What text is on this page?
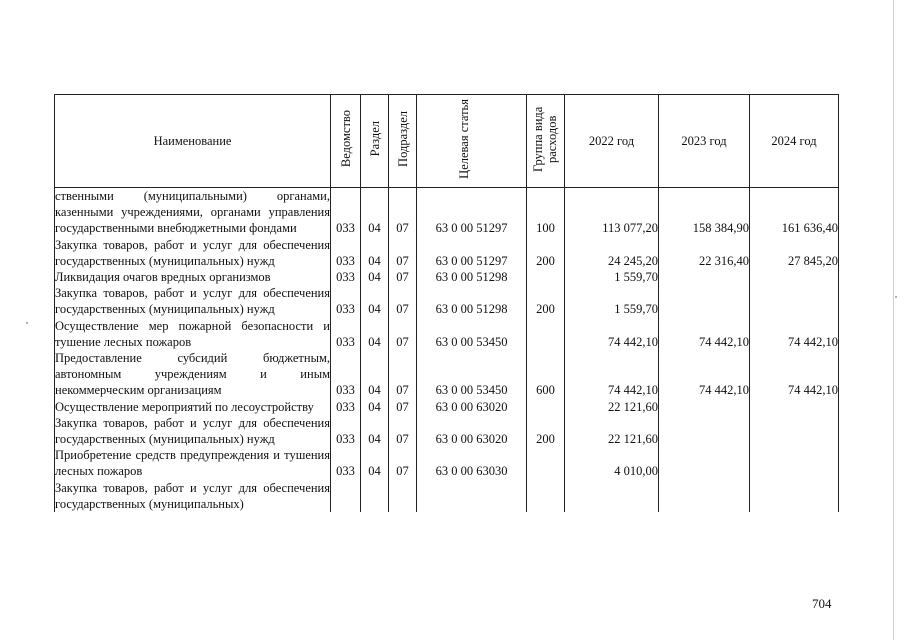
Наименование	Ведомство	Раздел	Подраздел	Целевая статья	Группа вида расходов	2022 год	2023 год	2024 год
ственными (муниципальными) органами, казенными учреждениями, органами управления государственными внебюджетными фондами	033	04	07	63 0 00 51297	100	113 077,20	158 384,90	161 636,40
Закупка товаров, работ и услуг для обеспечения государственных (муниципальных) нужд	033	04	07	63 0 00 51297	200	24 245,20	22 316,40	27 845,20
Ликвидация очагов вредных организмов	033	04	07	63 0 00 51298		1 559,70		
Закупка товаров, работ и услуг для обеспечения государственных (муниципальных) нужд	033	04	07	63 0 00 51298	200	1 559,70		
Осуществление мер пожарной безопасности и тушение лесных пожаров	033	04	07	63 0 00 53450		74 442,10	74 442,10	74 442,10
Предоставление субсидий бюджетным, автономным учреждениям и иным некоммерческим организациям	033	04	07	63 0 00 53450	600	74 442,10	74 442,10	74 442,10
Осуществление мероприятий по лесоустройству	033	04	07	63 0 00 63020		22 121,60		
Закупка товаров, работ и услуг для обеспечения государственных (муниципальных) нужд	033	04	07	63 0 00 63020	200	22 121,60		
Приобретение средств предупреждения и тушения лесных пожаров	033	04	07	63 0 00 63030		4 010,00		
Закупка товаров, работ и услуг для обеспечения государственных (муниципальных)								
704
